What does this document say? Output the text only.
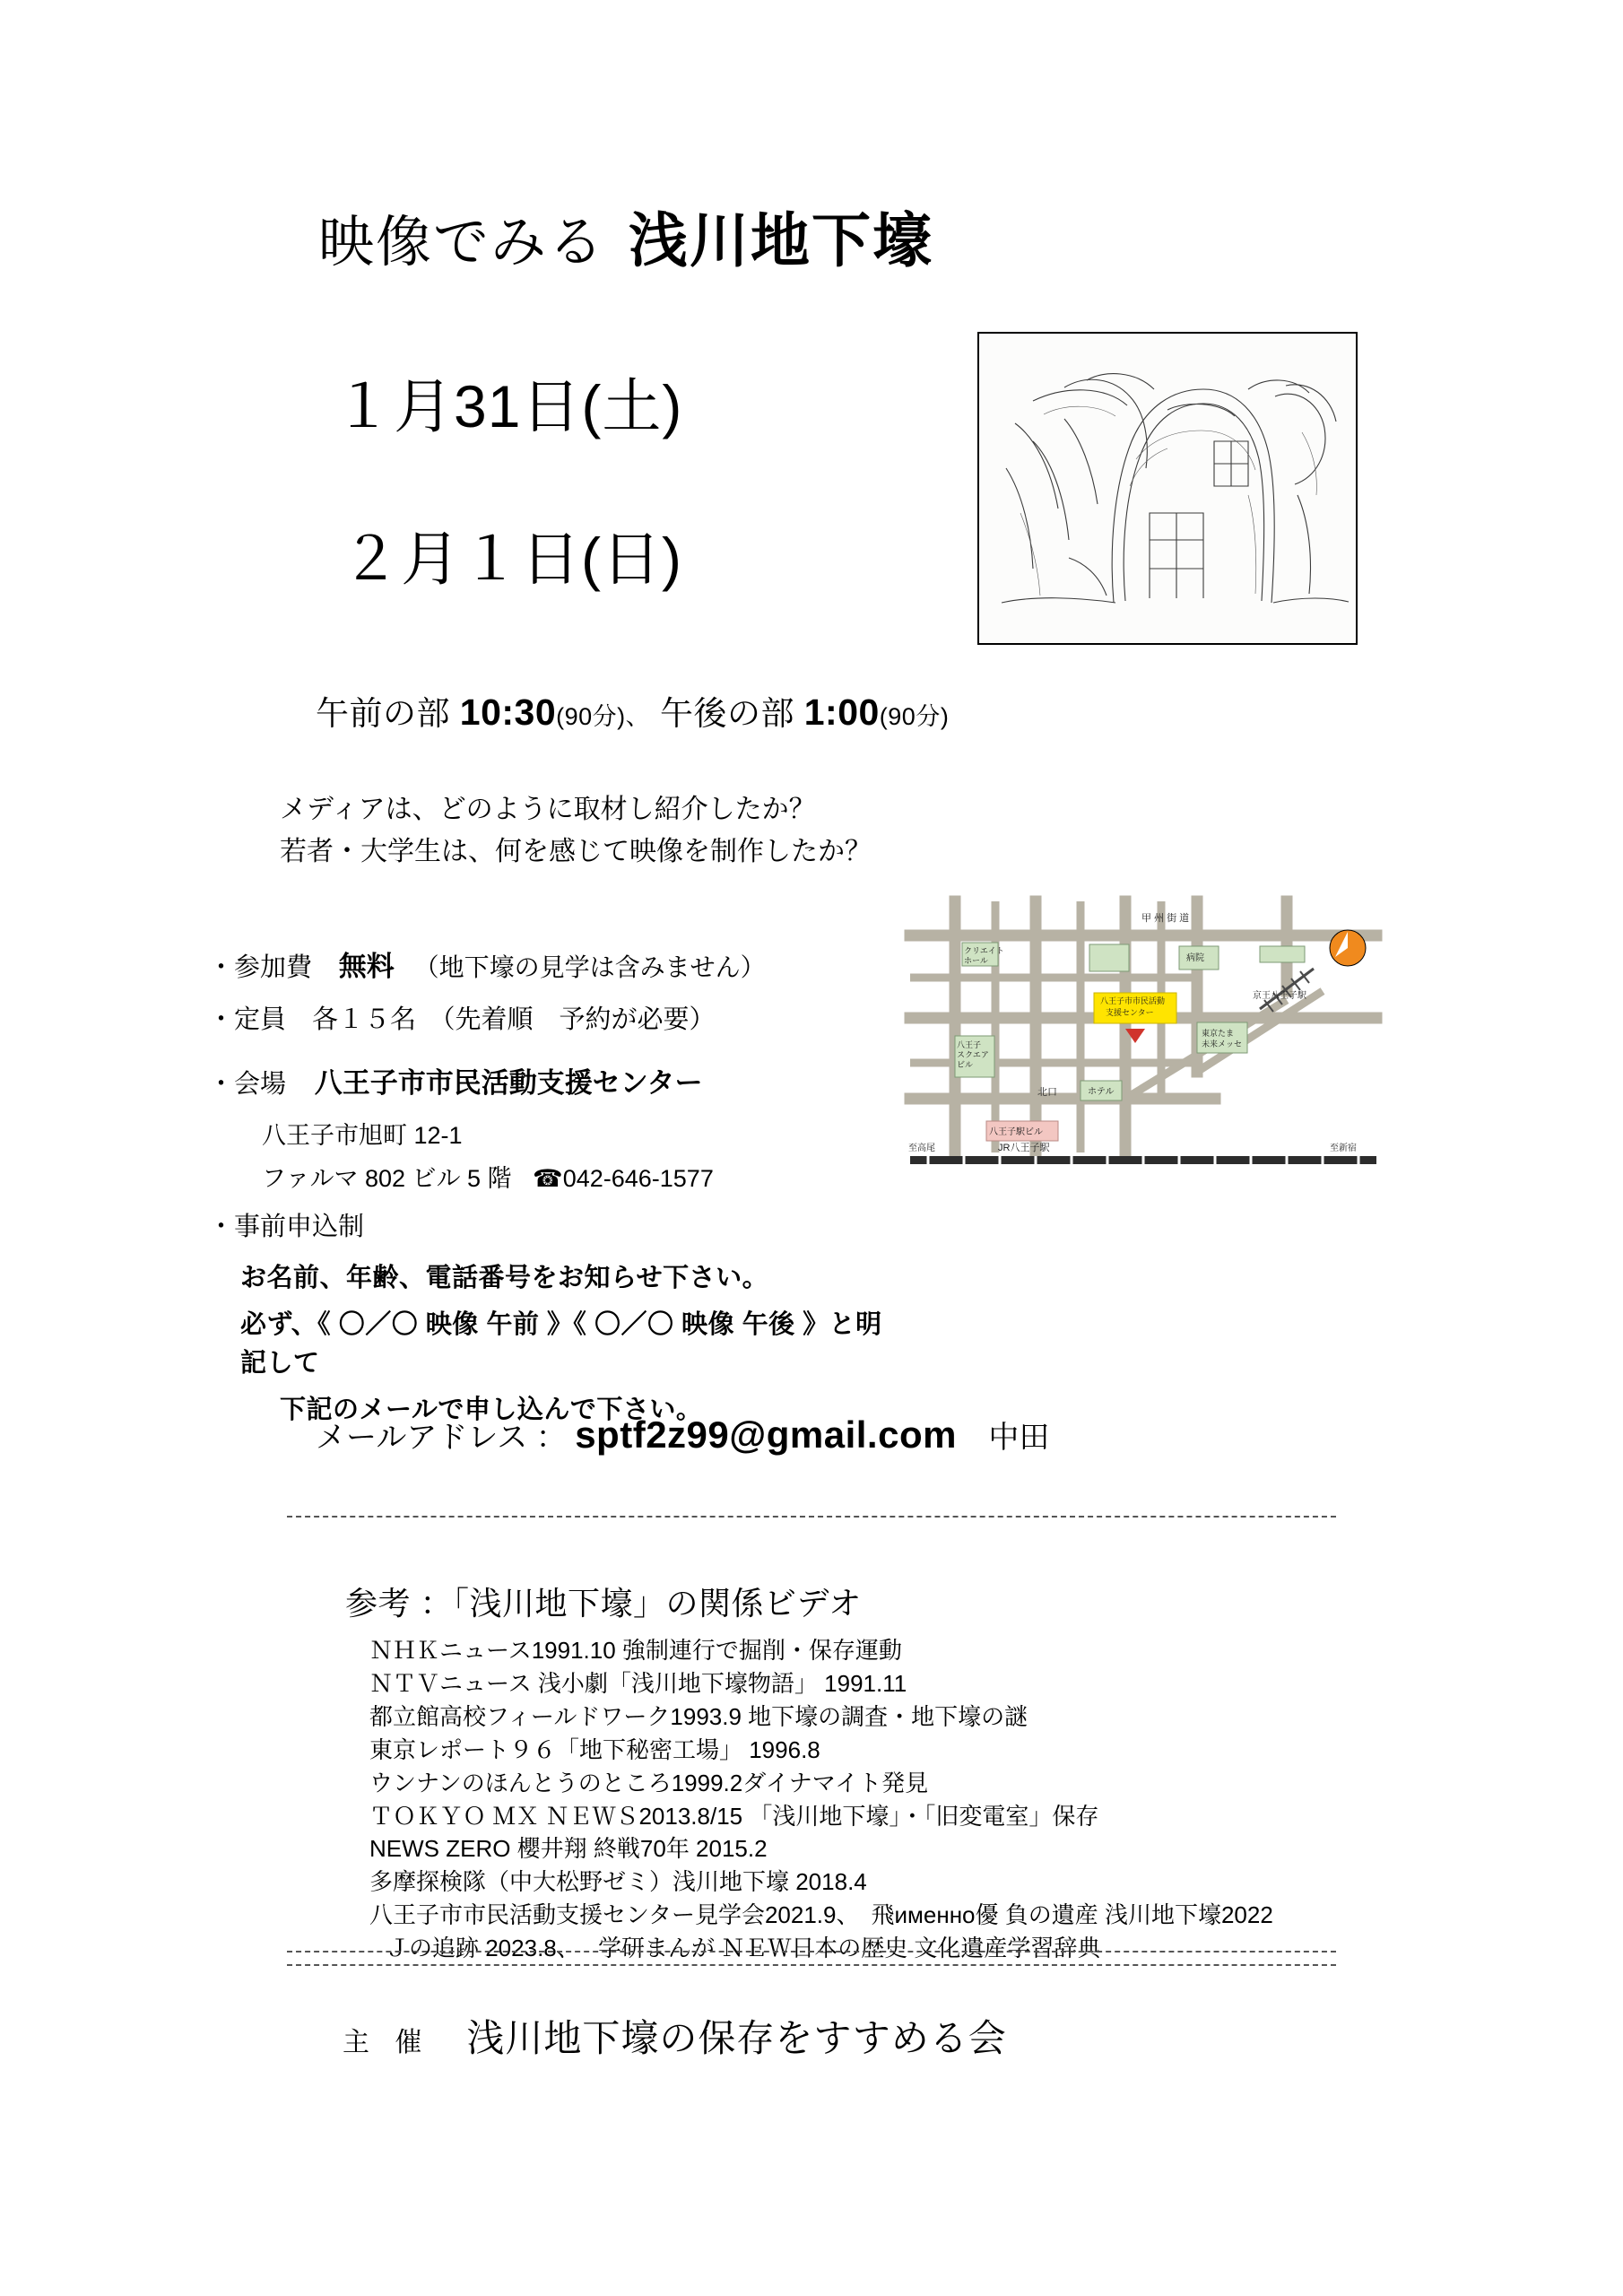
映像でみる 浅川地下壕
１月31日(土)
２月１日(日)
午前の部 10:30(90分)、 午後の部 1:00(90分)
メディアは、どのように取材し紹介したか？
若者・大学生は、何を感じて映像を制作したか？
・参加費 無料 （地下壕の見学は含みません）
・定員　各１５名　（先着順　予約が必要）
・会場 八王子市市民活動支援センター
八王子市旭町 12-1
ファルマ 802 ビル 5 階 ☎042-646-1577
・事前申込制
お名前、年齢、電話番号をお知らせ下さい。
必ず、《 〇／〇 映像 午前 》《 〇／〇 映像 午後 》と明記して
下記のメールで申し込んで下さい。
甲 州 街 道
クリエイト
ホール	病院
八王子市市民活動
支援センター
京王八王子駅
八王子
スクエア
ビル
東京たま
未来メッセ
北口	ホテル
八王子駅ビル
JR八王子駅
至高尾	至新宿
メールアドレス ： sptf2z99@gmail.com 中田
参考 ：「浅川地下壕」の関係ビデオ
ＮＨＫニュース1991.10 強制連行で掘削・保存運動
ＮＴＶニュース 浅小劇「浅川地下壕物語」 1991.11
都立館高校フィールドワーク1993.9 地下壕の調査・地下壕の謎
東京レポート９６「地下秘密工場」 1996.8
ウンナンのほんとうのところ1999.2ダイナマイト発見
ＴＯＫＹＯ ＭＸ ＮＥＷＳ2013.8/15 「浅川地下壕」・「旧変電室」保存
NEWS ZERO 櫻井翔 終戦70年 2015.2
多摩探検隊（中大松野ゼミ）浅川地下壕 2018.4
八王子市市民活動支援センター見学会2021.9、　飛именно優 負の遺産 浅川地下壕2022
Ｊの追跡 2023.8、　 学研まんが ＮＥＷ日本の歴史 文化遺産学習辞典
主 催 浅川地下壕の保存をすすめる会
